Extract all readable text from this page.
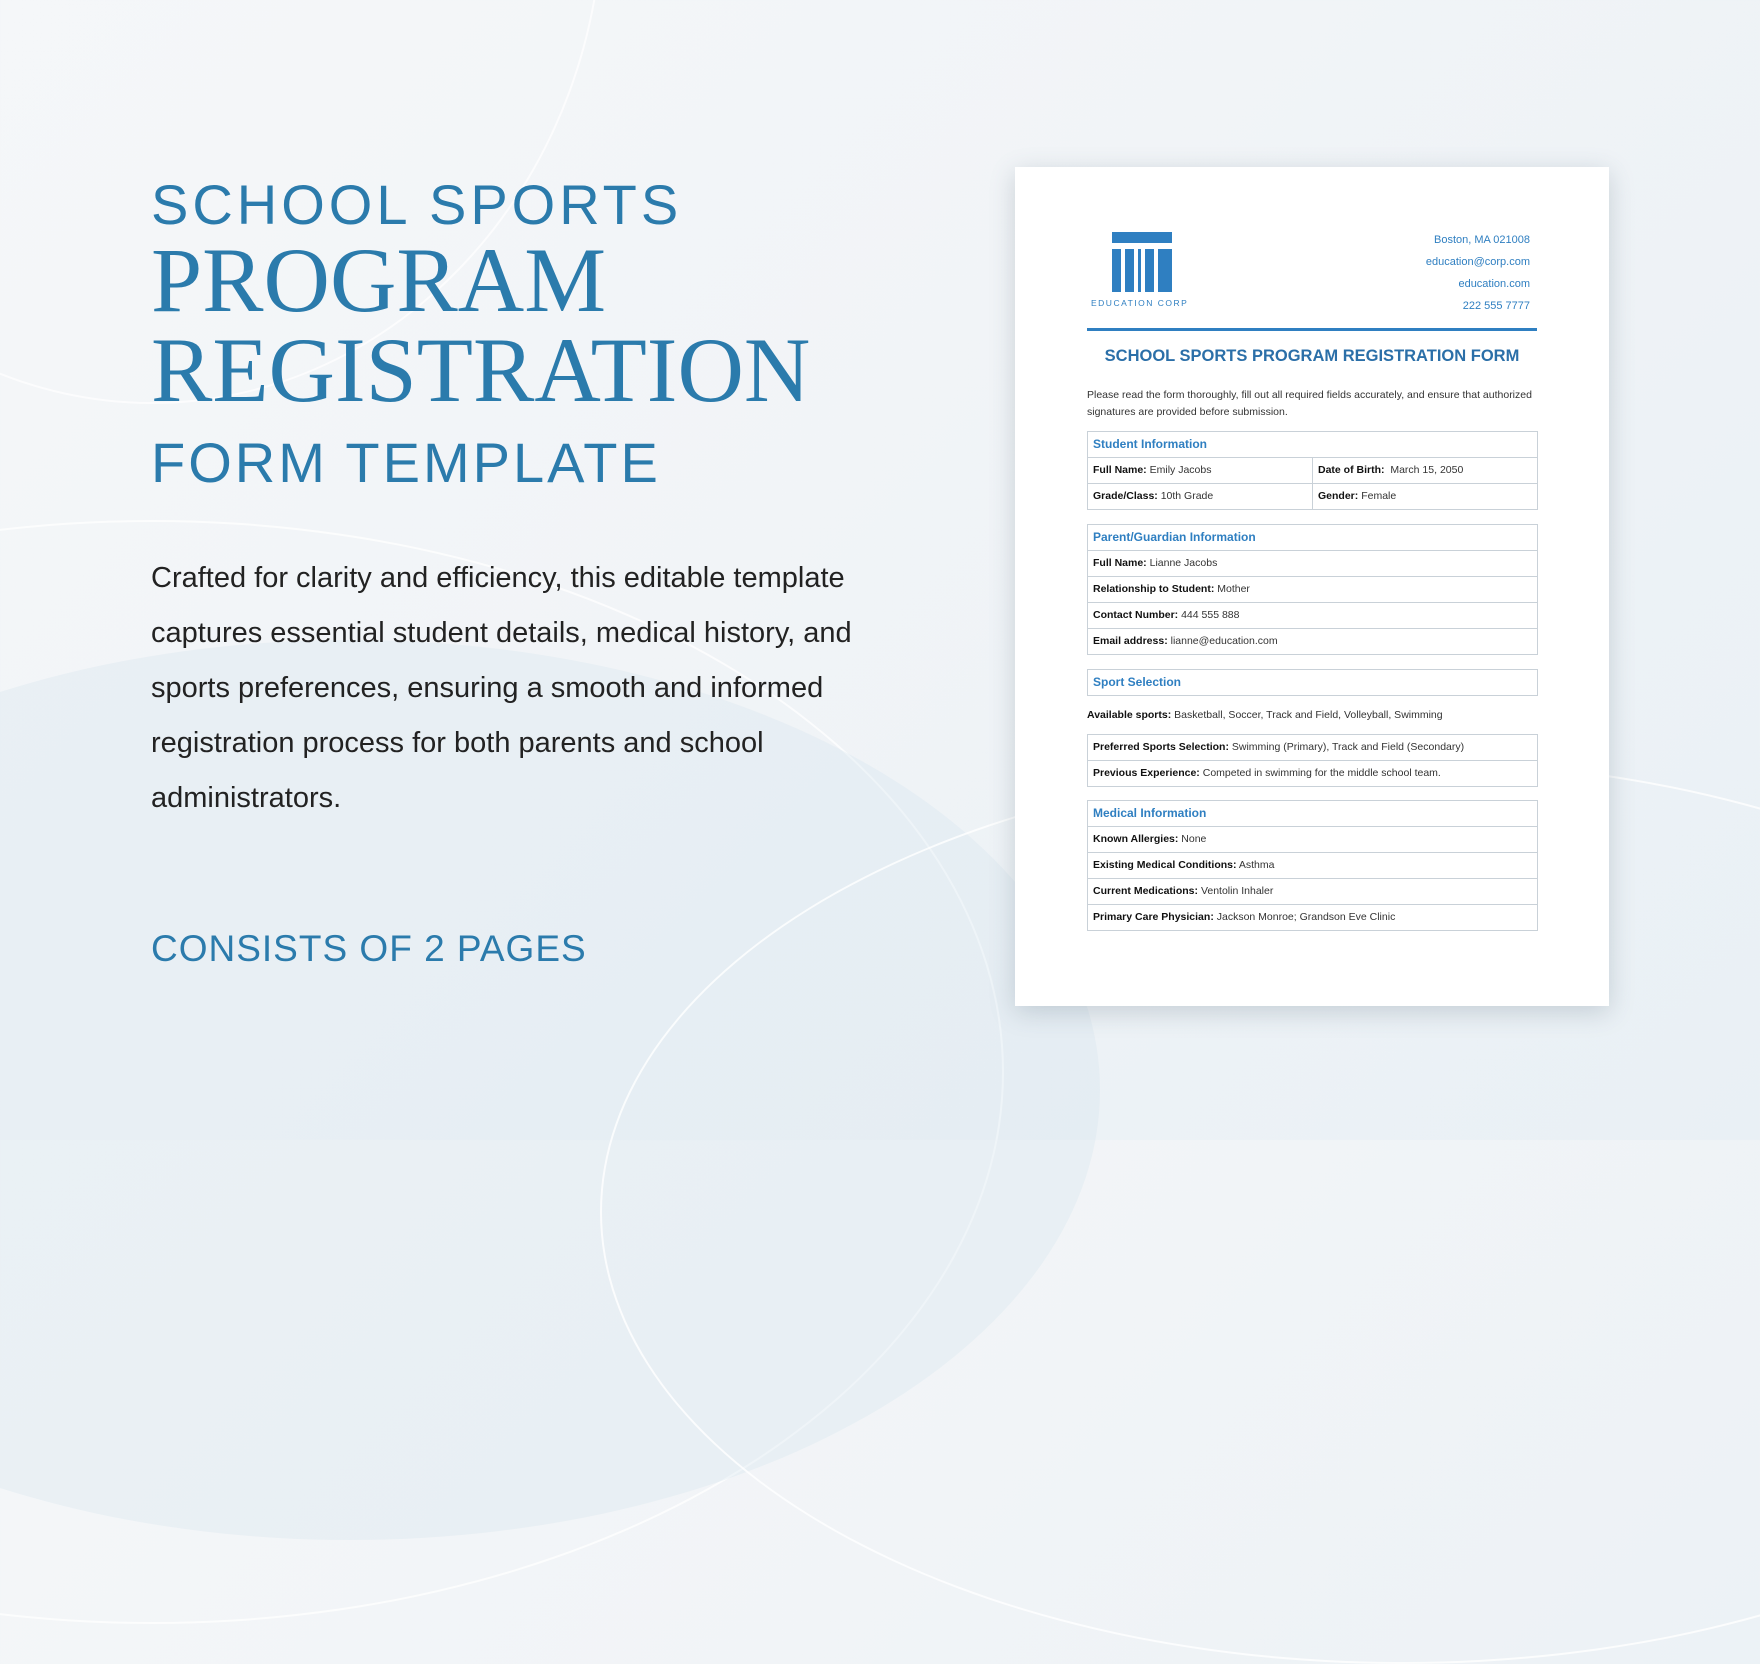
SCHOOL SPORTS
PROGRAM
REGISTRATION
FORM TEMPLATE
Crafted for clarity and efficiency, this editable template captures essential student details, medical history, and sports preferences, ensuring a smooth and informed registration process for both parents and school administrators.
CONSISTS OF 2 PAGES
EDUCATION CORP
Boston, MA 021008
education@corp.com
education.com
222 555 7777
SCHOOL SPORTS PROGRAM REGISTRATION FORM
Please read the form thoroughly, fill out all required fields accurately, and ensure that authorized signatures are provided before submission.
Student Information
Full Name: Emily Jacobs	Date of Birth: March 15, 2050
Grade/Class: 10th Grade	Gender: Female
Parent/Guardian Information
Full Name: Lianne Jacobs
Relationship to Student: Mother
Contact Number: 444 555 888
Email address: lianne@education.com
Sport Selection
Available sports: Basketball, Soccer, Track and Field, Volleyball, Swimming
Preferred Sports Selection: Swimming (Primary), Track and Field (Secondary)
Previous Experience: Competed in swimming for the middle school team.
Medical Information
Known Allergies: None
Existing Medical Conditions: Asthma
Current Medications: Ventolin Inhaler
Primary Care Physician: Jackson Monroe; Grandson Eve Clinic
